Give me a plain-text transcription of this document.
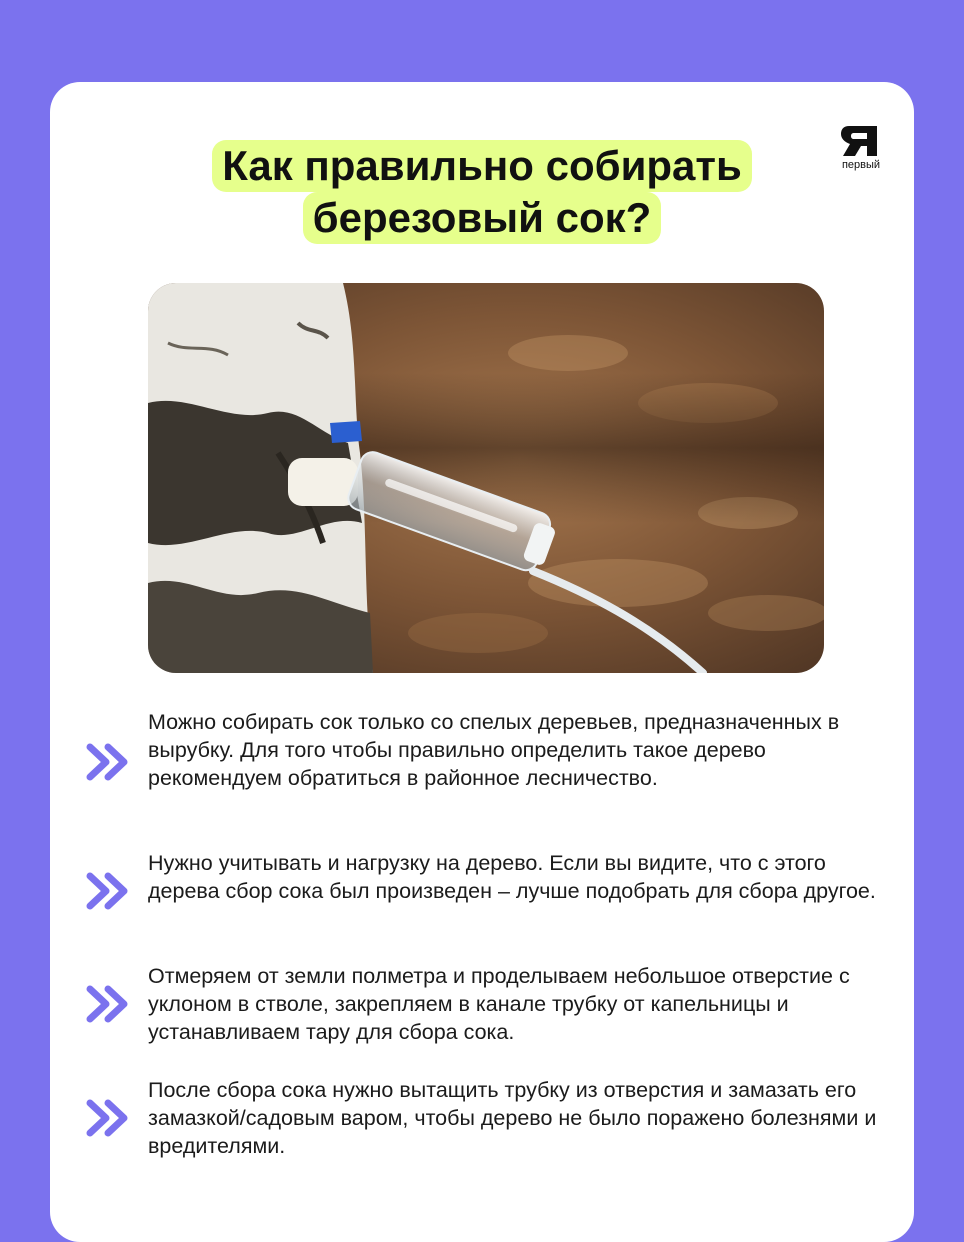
первый
Как правильно собирать
березовый сок?

Можно собирать сок только со спелых деревьев, предназначенных в вырубку. Для того чтобы правильно определить такое дерево рекомендуем обратиться в районное лесничество.

Нужно учитывать и нагрузку на дерево. Если вы видите, что с этого дерева сбор сока был произведен – лучше подобрать для сбора другое.

Отмеряем от земли полметра и проделываем небольшое отверстие с уклоном в стволе, закрепляем в канале трубку от капельницы и устанавливаем тару для сбора сока.

После сбора сока нужно вытащить трубку из отверстия и замазать его замазкой/садовым варом, чтобы дерево не было поражено болезнями и вредителями.
